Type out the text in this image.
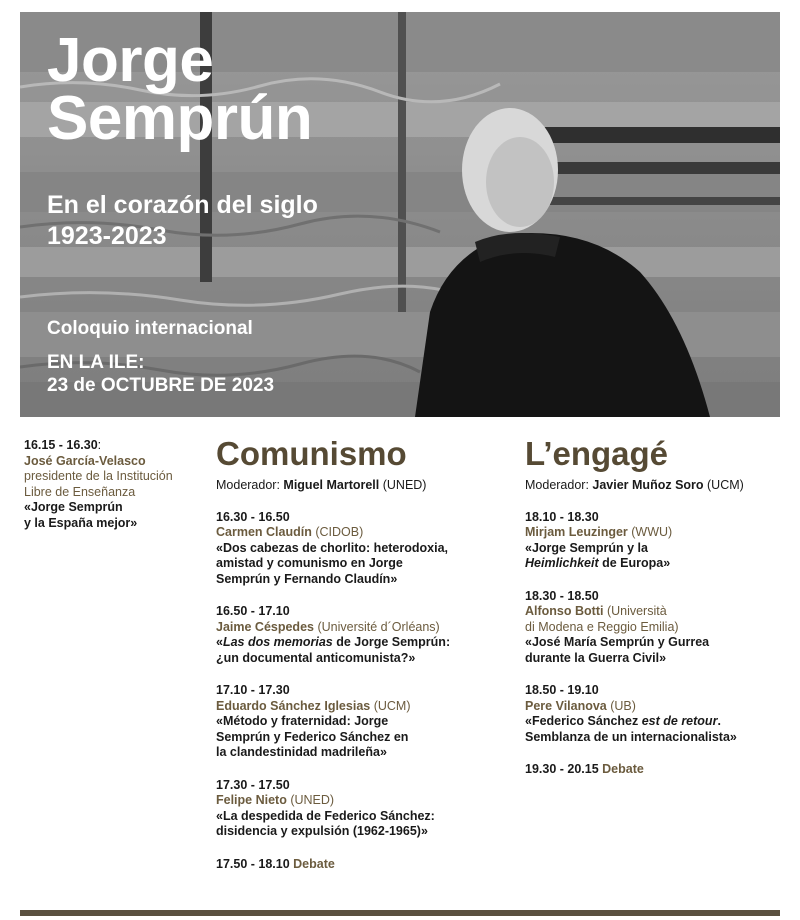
Jorge
Semprún
En el corazón del siglo
1923-2023
Coloquio internacional
EN LA ILE:
23 de OCTUBRE DE 2023
16.15 - 16.30:
José García-Velasco
presidente de la Institución
Libre de Enseñanza
«Jorge Semprún
y la España mejor»
Comunismo
Moderador: Miguel Martorell (UNED)
16.30 - 16.50
Carmen Claudín (CIDOB)
«Dos cabezas de chorlito: heterodoxia,
amistad y comunismo en Jorge
Semprún y Fernando Claudín»
16.50 - 17.10
Jaime Céspedes (Université d´Orléans)
«Las dos memorias de Jorge Semprún:
¿un documental anticomunista?»
17.10 - 17.30
Eduardo Sánchez Iglesias (UCM)
«Método y fraternidad: Jorge
Semprún y Federico Sánchez en
la clandestinidad madrileña»
17.30 - 17.50
Felipe Nieto (UNED)
«La despedida de Federico Sánchez:
disidencia y expulsión (1962-1965)»
17.50 - 18.10 Debate
L’engagé
Moderador: Javier Muñoz Soro (UCM)
18.10 - 18.30
Mirjam Leuzinger (WWU)
«Jorge Semprún y la
Heimlichkeit de Europa»
18.30 - 18.50
Alfonso Botti (Università
di Modena e Reggio Emilia)
«José María Semprún y Gurrea
durante la Guerra Civil»
18.50 - 19.10
Pere Vilanova (UB)
«Federico Sánchez est de retour.
Semblanza de un internacionalista»
19.30 - 20.15 Debate
